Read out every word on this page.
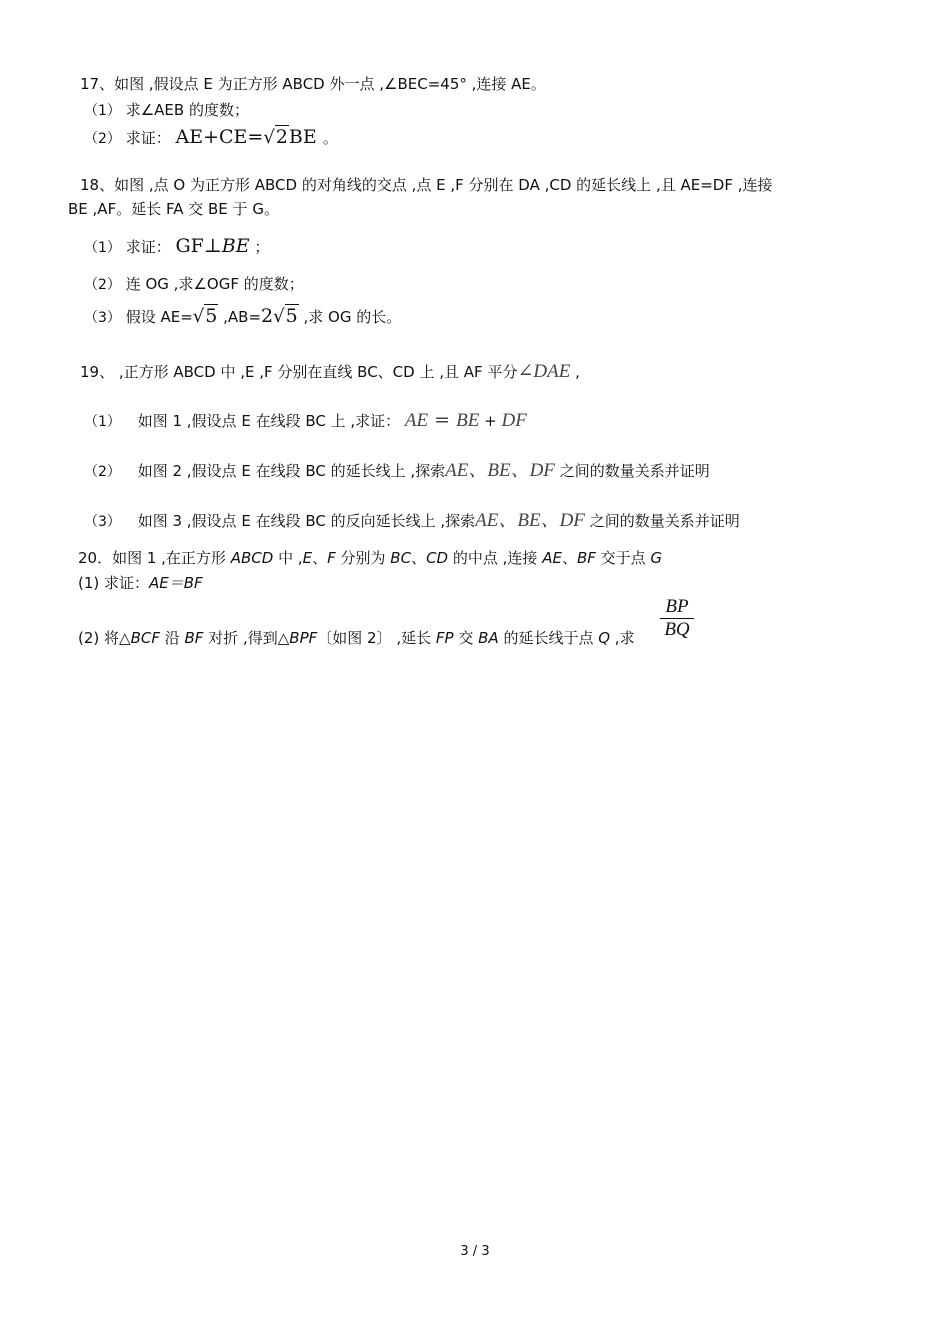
17、如图 ,假设点 E 为正方形 ABCD 外一点 ,∠BEC=45° ,连接 AE。
（1） 求∠AEB 的度数；
（2） 求证： AE+CE=√2BE 。
18、如图 ,点 O 为正方形 ABCD 的对角线的交点 ,点 E ,F 分别在 DA ,CD 的延长线上 ,且 AE=DF ,连接
BE ,AF。延长 FA 交 BE 于 G。
（1） 求证： GF⊥BE ；
（2） 连 OG ,求∠OGF 的度数；
（3） 假设 AE=√5 ,AB=2√5 ,求 OG 的长。
19、 ,正方形 ABCD 中 ,E ,F 分别在直线 BC、CD 上 ,且 AF 平分∠DAE ,
（1） 如图 1 ,假设点 E 在线段 BC 上 ,求证： AE = BE + DF
（2） 如图 2 ,假设点 E 在线段 BC 的延长线上 ,探索AE、BE、DF 之间的数量关系并证明
（3） 如图 3 ,假设点 E 在线段 BC 的反向延长线上 ,探索AE、BE、DF 之间的数量关系并证明
20．如图 1 ,在正方形 ABCD 中 ,E、F 分别为 BC、CD 的中点 ,连接 AE、BF 交于点 G
(1) 求证：AE＝BF
(2) 将△BCF 沿 BF 对折 ,得到△BPF〔如图 2〕 ,延长 FP 交 BA 的延长线于点 Q ,求
BP
BQ
3 / 3
